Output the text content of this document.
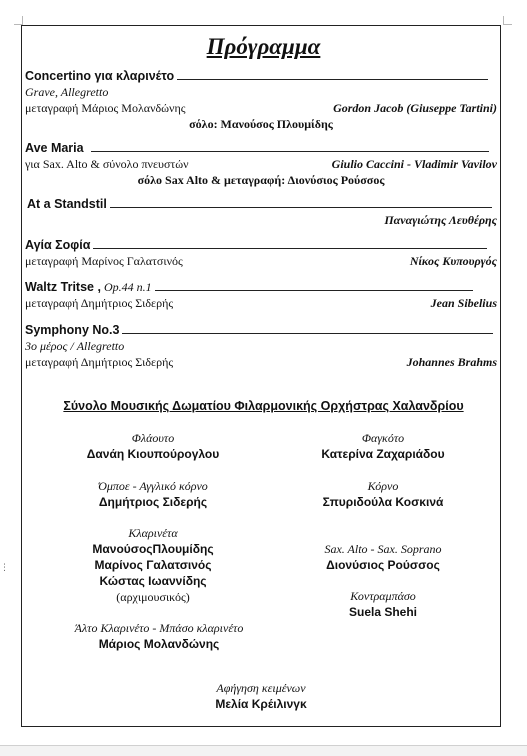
Πρόγραμμα
Concertino για κλαρινέτο
Grave, Allegretto
μεταγραφή Μάριος Μολανδώνης	Gordon Jacob (Giuseppe Tartini)
σόλο: Μανούσος Πλουμίδης
Ave Maria
για Sax. Alto & σύνολο πνευστών	Giulio Caccini - Vladimir Vavilov
σόλο Sax Alto & μεταγραφή: Διονύσιος Ρούσσος
At a Standstil
Παναγιώτης Λευθέρης
Αγία Σοφία
μεταγραφή Μαρίνος Γαλατσινός	Νίκος Κυπουργός
Waltz Tritse , Op.44 n.1
μεταγραφή Δημήτριος Σιδερής	Jean Sibelius
Symphony No.3
3ο μέρος / Allegretto
μεταγραφή Δημήτριος Σιδερής	Johannes Brahms
Σύνολο Μουσικής Δωματίου Φιλαρμονικής Ορχήστρας Χαλανδρίου
Φλάουτο
Δανάη Κιουπούρογλου
Όμποε - Αγγλικό κόρνο
Δημήτριος Σιδερής
Κλαρινέτα
ΜανούσοςΠλουμίδης
Μαρίνος Γαλατσινός
Κώστας Ιωαννίδης
(αρχιμουσικός)
Άλτο Κλαρινέτο - Μπάσο κλαρινέτο
Μάριος Μολανδώνης
Φαγκότο
Κατερίνα Ζαχαριάδου
Κόρνο
Σπυριδούλα Κοσκινά
Sax. Alto - Sax. Soprano
Διονύσιος Ρούσσος
Κοντραμπάσο
Suela Shehi
Αφήγηση κειμένων
Μελία Κρέιλινγκ
⋮
